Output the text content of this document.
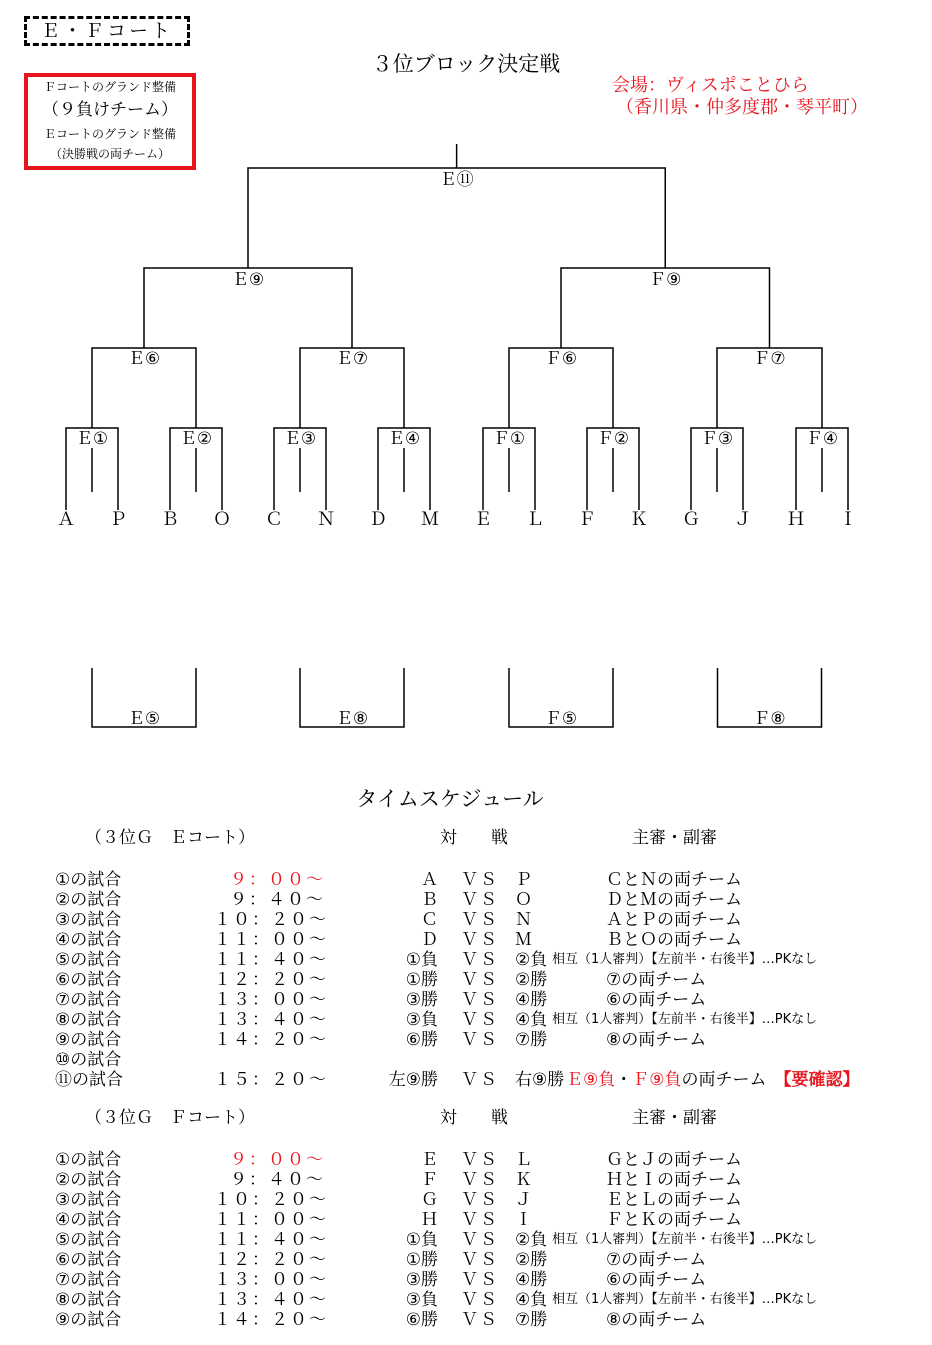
Ｅ・Ｆコート
Ｆコートのグランド整備
（９負けチーム）
Ｅコートのグランド整備
（決勝戦の両チーム）
３位ブロック決定戦
会場：ヴィスポことひら
（香川県・仲多度郡・琴平町）
Ｅ①	Ｅ②	Ｅ③	Ｅ④	Ｆ①	Ｆ②	Ｆ③	Ｆ④
Ａ Ｐ Ｂ Ｏ Ｃ Ｎ Ｄ Ｍ Ｅ Ｌ Ｆ Ｋ Ｇ Ｊ Ｈ Ｉ
Ｅ⑥	Ｅ⑦	Ｆ⑥	Ｆ⑦
Ｅ⑨	Ｆ⑨
Ｅ⑪
Ｅ⑤	Ｅ⑧	Ｆ⑤	Ｆ⑧
タイムスケジュール
（３位Ｇ　Ｅコート）	対　　戦	主審・副審
①の試合	９：００～	Ａ ＶＳ Ｐ	ＣとＮの両チーム
②の試合	９：４０～	Ｂ ＶＳ Ｏ	ＤとＭの両チーム
③の試合	１０：２０～	Ｃ ＶＳ Ｎ	ＡとＰの両チーム
④の試合	１１：００～	Ｄ ＶＳ Ｍ	ＢとＯの両チーム
⑤の試合	１１：４０～	①負 ＶＳ ②負 相互（1人審判）【左前半・右後半】…PKなし
⑥の試合	１２：２０～	①勝 ＶＳ ②勝	⑦の両チーム
⑦の試合	１３：００～	③勝 ＶＳ ④勝	⑥の両チーム
⑧の試合	１３：４０～	③負 ＶＳ ④負 相互（1人審判）【左前半・右後半】…PKなし
⑨の試合	１４：２０～	⑥勝 ＶＳ ⑦勝	⑧の両チーム
⑩の試合
⑪の試合	１５：２０～	左⑨勝 ＶＳ 右⑨勝 Ｅ⑨負・Ｆ⑨負の両チーム 【要確認】
（３位Ｇ　Ｆコート）	対　　戦	主審・副審
①の試合	９：００～	Ｅ ＶＳ Ｌ	ＧとＪの両チーム
②の試合	９：４０～	Ｆ ＶＳ Ｋ	ＨとＩの両チーム
③の試合	１０：２０～	Ｇ ＶＳ Ｊ	ＥとＬの両チーム
④の試合	１１：００～	Ｈ ＶＳ Ｉ	ＦとＫの両チーム
⑤の試合	１１：４０～	①負 ＶＳ ②負 相互（1人審判）【左前半・右後半】…PKなし
⑥の試合	１２：２０～	①勝 ＶＳ ②勝	⑦の両チーム
⑦の試合	１３：００～	③勝 ＶＳ ④勝	⑥の両チーム
⑧の試合	１３：４０～	③負 ＶＳ ④負 相互（1人審判）【左前半・右後半】…PKなし
⑨の試合	１４：２０～	⑥勝 ＶＳ ⑦勝	⑧の両チーム
